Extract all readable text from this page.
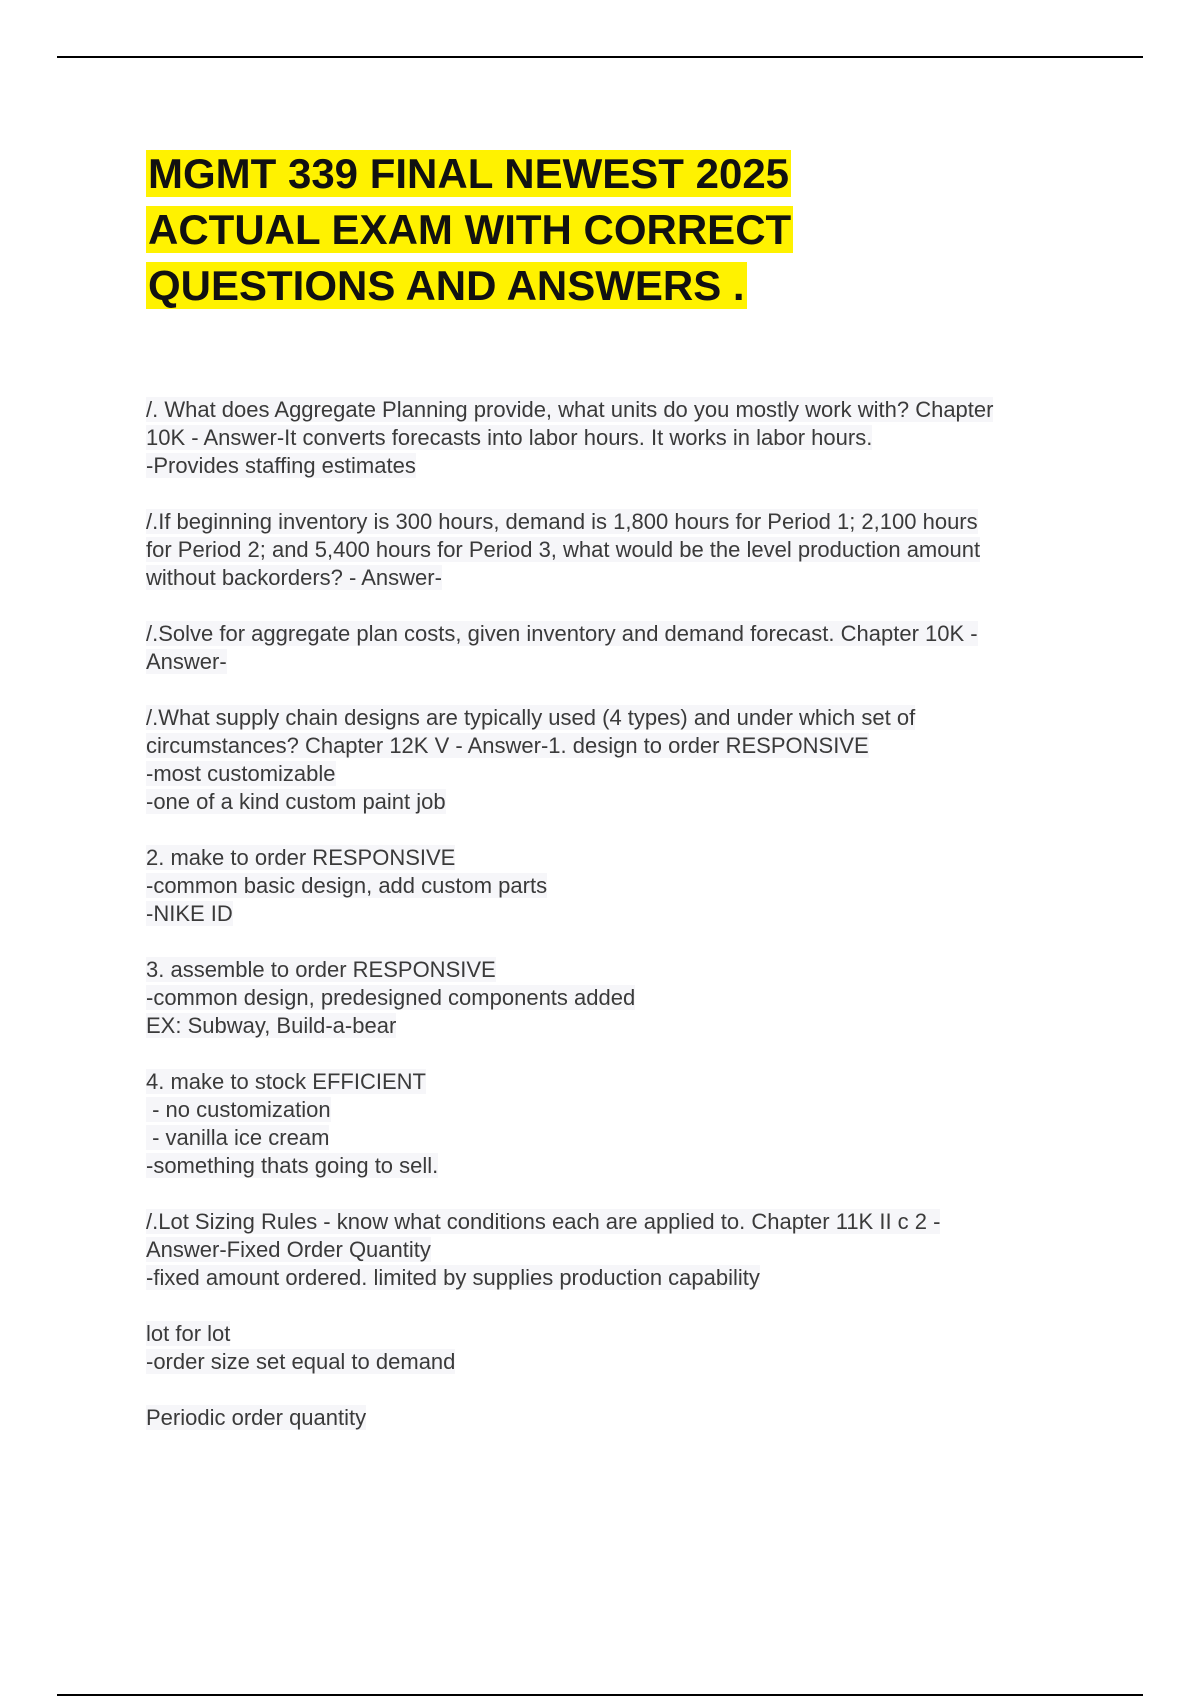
MGMT 339 FINAL NEWEST 2025
ACTUAL EXAM WITH CORRECT
QUESTIONS AND ANSWERS .
/. What does Aggregate Planning provide, what units do you mostly work with? Chapter
10K - Answer-It converts forecasts into labor hours. It works in labor hours.
-Provides staffing estimates
/.If beginning inventory is 300 hours, demand is 1,800 hours for Period 1; 2,100 hours
for Period 2; and 5,400 hours for Period 3, what would be the level production amount
without backorders? - Answer-
/.Solve for aggregate plan costs, given inventory and demand forecast. Chapter 10K -
Answer-
/.What supply chain designs are typically used (4 types) and under which set of
circumstances? Chapter 12K V - Answer-1. design to order RESPONSIVE
-most customizable
-one of a kind custom paint job
2. make to order RESPONSIVE
-common basic design, add custom parts
-NIKE ID
3. assemble to order RESPONSIVE
-common design, predesigned components added
EX: Subway, Build-a-bear
4. make to stock EFFICIENT
- no customization
- vanilla ice cream
-something thats going to sell.
/.Lot Sizing Rules - know what conditions each are applied to. Chapter 11K II c 2 -
Answer-Fixed Order Quantity
-fixed amount ordered. limited by supplies production capability
lot for lot
-order size set equal to demand
Periodic order quantity
